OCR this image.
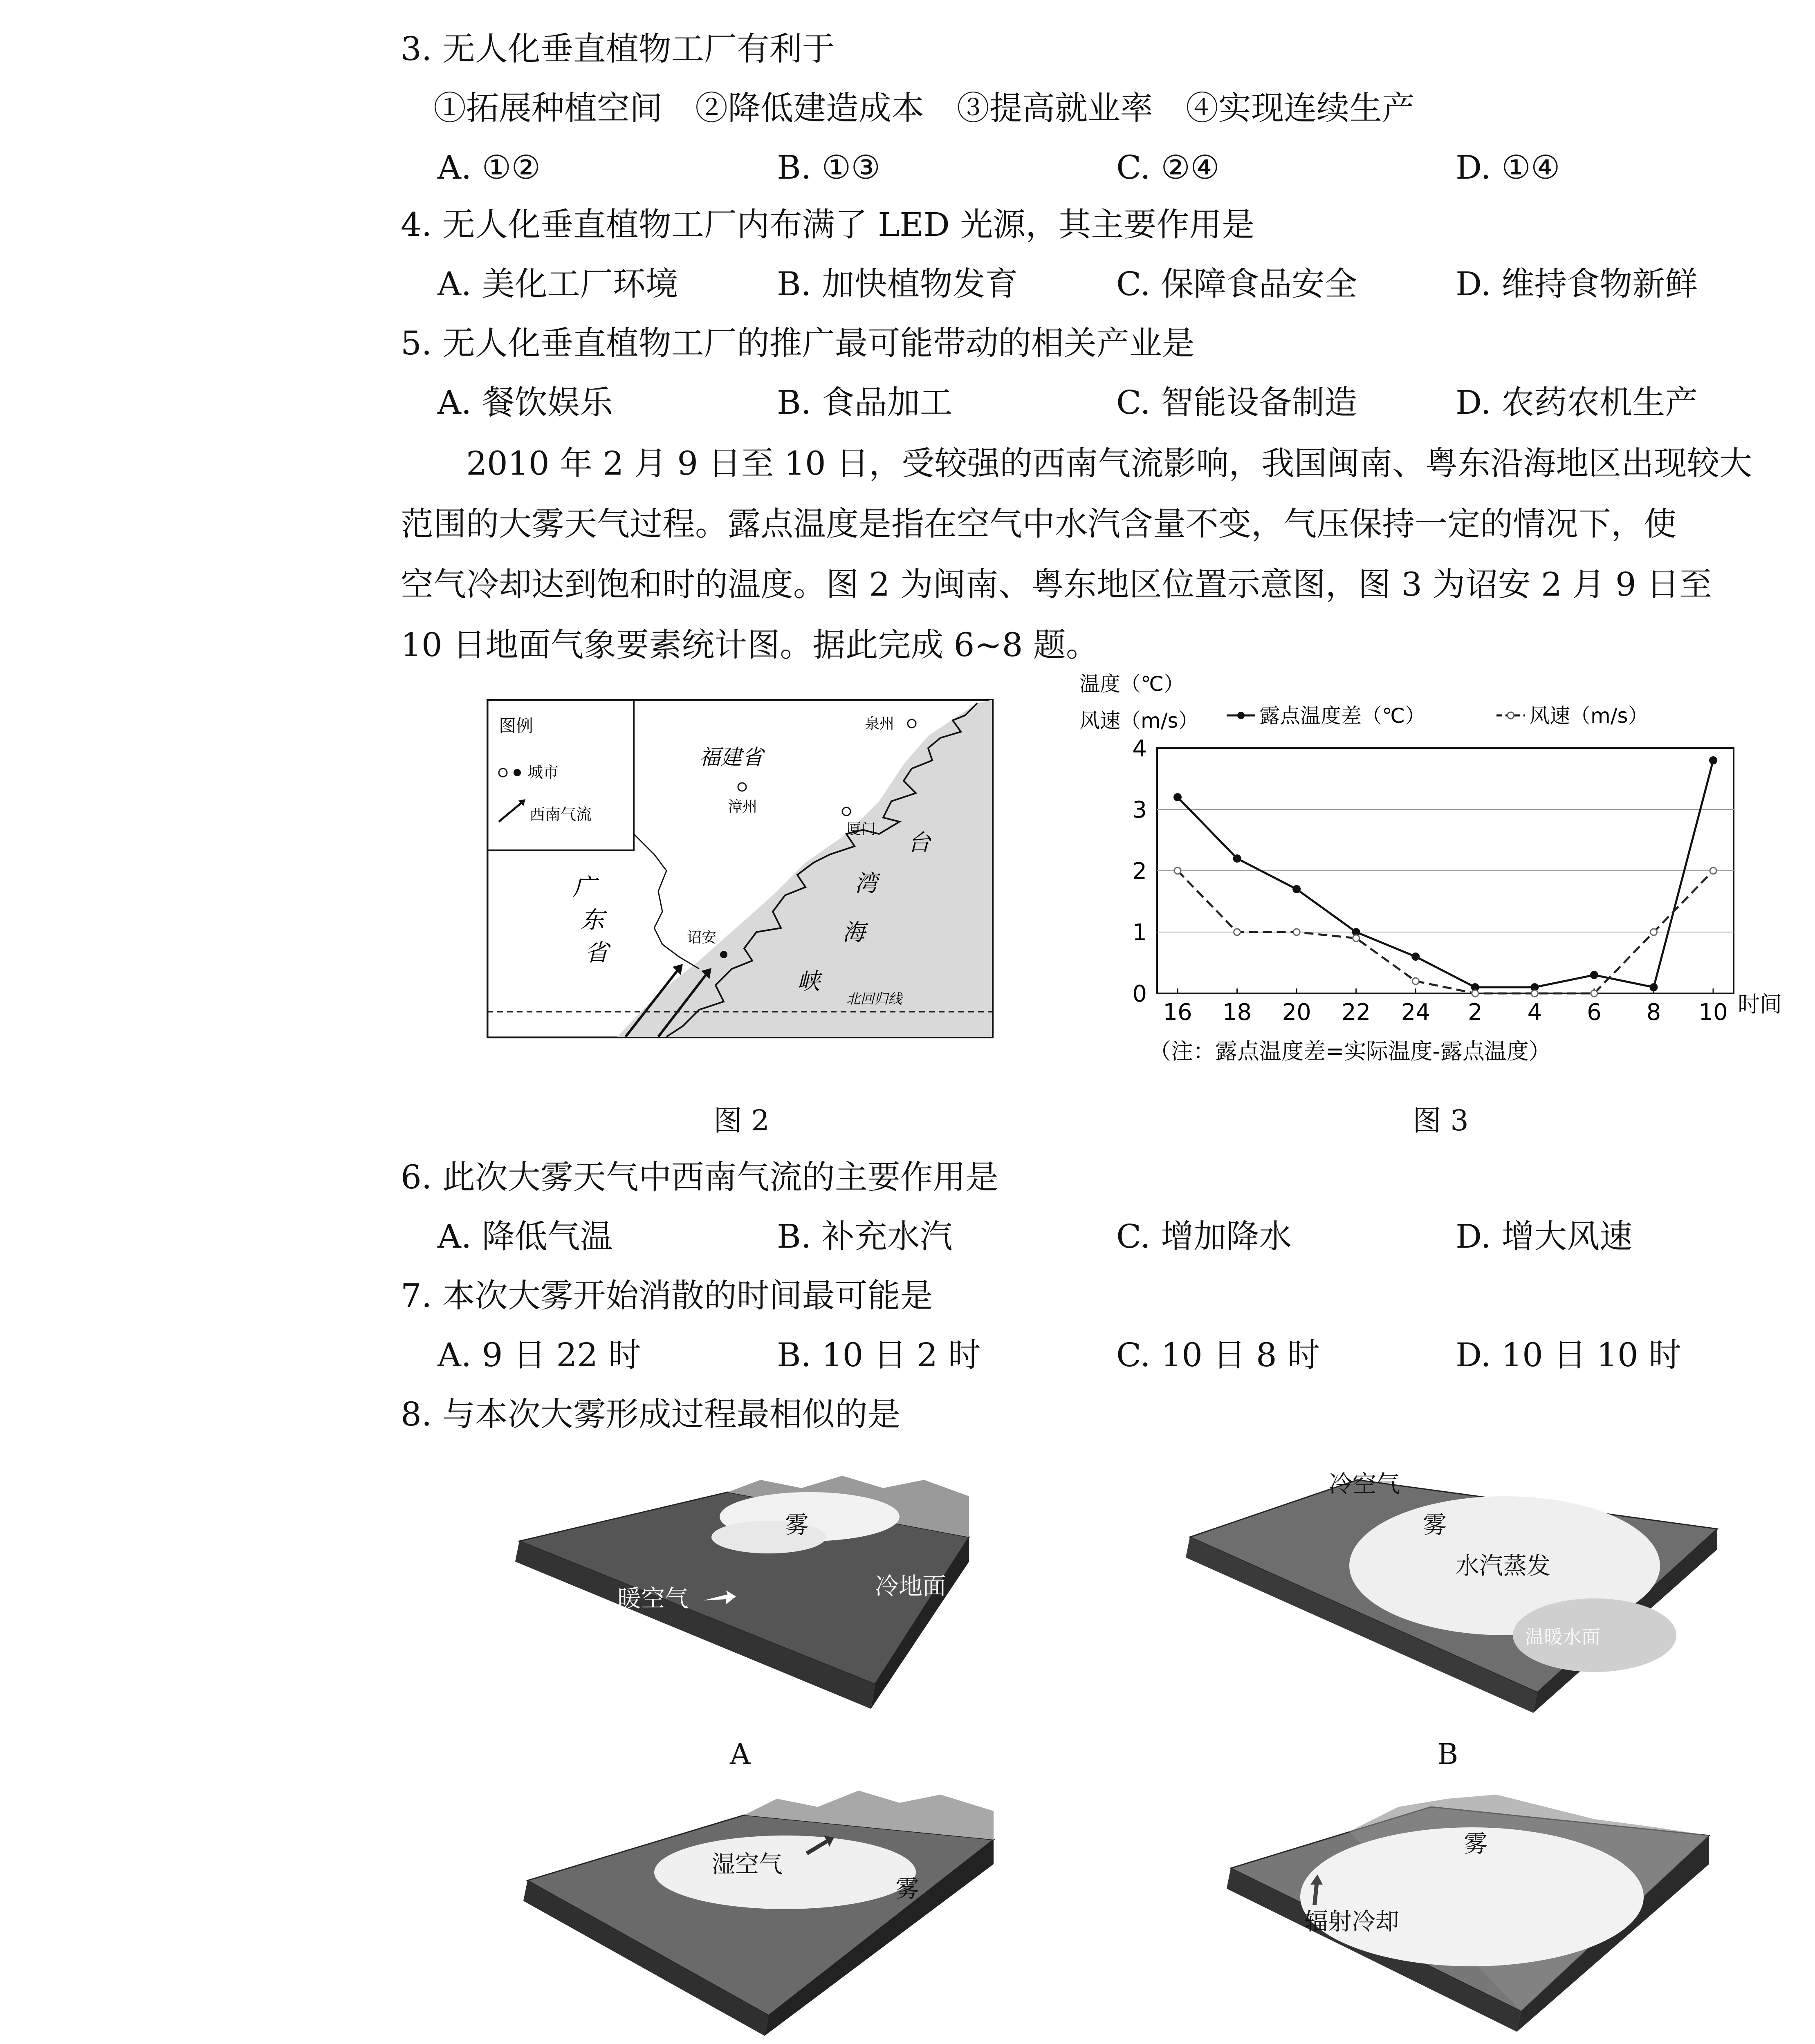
3. 无人化垂直植物工厂有利于
①拓展种植空间　②降低建造成本　③提高就业率　④实现连续生产
A. ①②	B. ①③	C. ②④	D. ①④
4. 无人化垂直植物工厂内布满了 LED 光源，其主要作用是
A. 美化工厂环境	B. 加快植物发育	C. 保障食品安全	D. 维持食物新鲜
5. 无人化垂直植物工厂的推广最可能带动的相关产业是
A. 餐饮娱乐	B. 食品加工	C. 智能设备制造	D. 农药农机生产
　　2010 年 2 月 9 日至 10 日，受较强的西南气流影响，我国闽南、粤东沿海地区出现较大
范围的大雾天气过程。露点温度是指在空气中水汽含量不变，气压保持一定的情况下，使
空气冷却达到饱和时的温度。图 2 为闽南、粤东地区位置示意图，图 3 为诏安 2 月 9 日至
10 日地面气象要素统计图。据此完成 6~8 题。
图例
城市
西南气流
福建省
广
东
省
泉州
漳州
厦门
诏安
台
湾
海
峡
北回归线
图 2
温度（℃）
风速（m/s）	露点温度差（℃）	风速（m/s）
0
1
2
3
4
16 18 20 22 24 2 4 6 8 10 时间
（注：露点温度差=实际温度-露点温度）
图 3
6. 此次大雾天气中西南气流的主要作用是
A. 降低气温	B. 补充水汽	C. 增加降水	D. 增大风速
7. 本次大雾开始消散的时间最可能是
A. 9 日 22 时	B. 10 日 2 时	C. 10 日 8 时	D. 10 日 10 时
8. 与本次大雾形成过程最相似的是
雾
暖空气	冷地面
冷水
A
冷空气
雾
水汽蒸发
温暖水面
B
湿空气
雾
雾
辐射冷却
